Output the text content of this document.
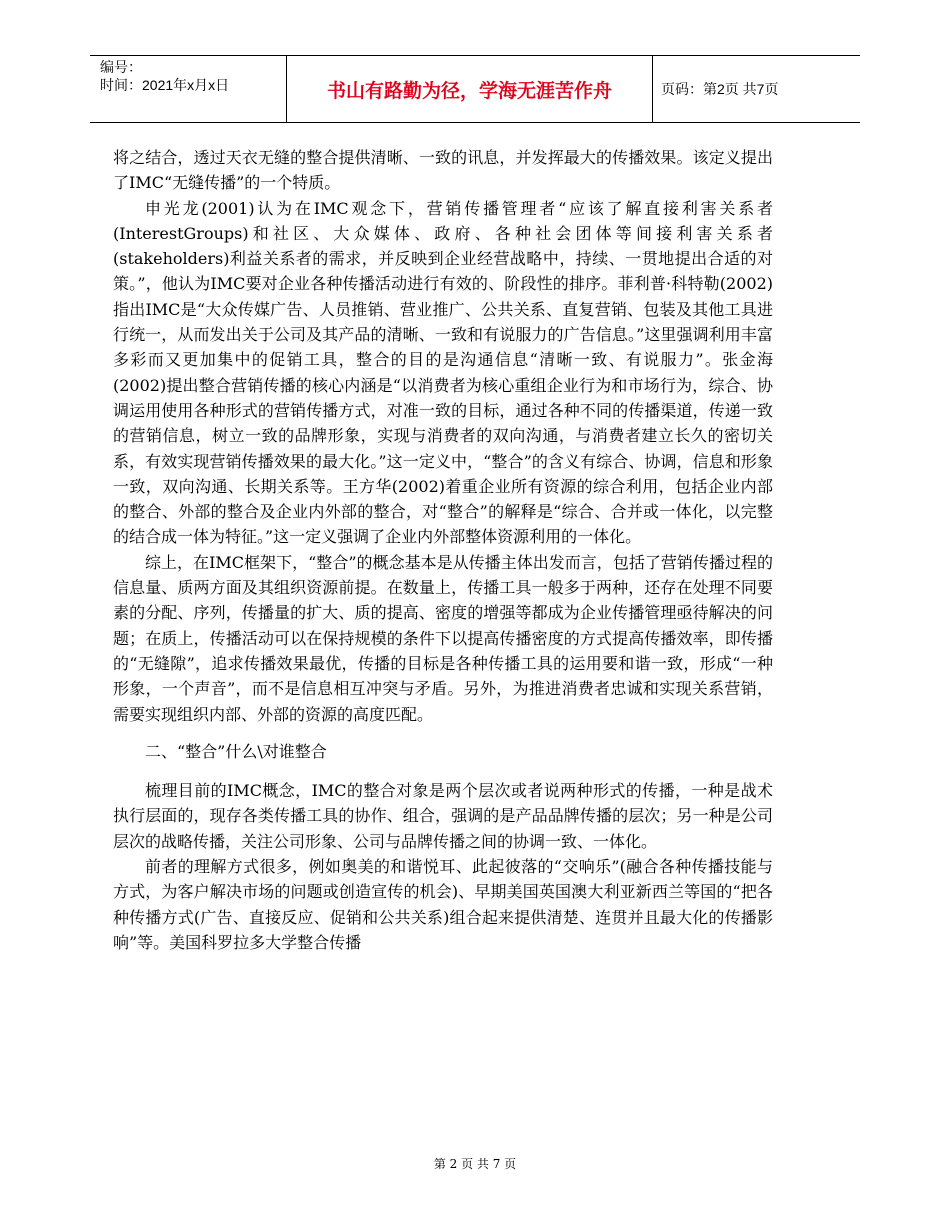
编号：
时间：2021年x月x日	书山有路勤为径，学海无涯苦作舟	页码：第2页 共7页

将之结合，透过天衣无缝的整合提供清晰、一致的讯息，并发挥最大的传播效果。该定义提出了IMC“无缝传播”的一个特质。

申光龙(2001)认为在IMC观念下，营销传播管理者“应该了解直接利害关系者(InterestGroups)和社区、大众媒体、政府、各种社会团体等间接利害关系者(stakeholders)利益关系者的需求，并反映到企业经营战略中，持续、一贯地提出合适的对策。”，他认为IMC要对企业各种传播活动进行有效的、阶段性的排序。菲利普·科特勒(2002)指出IMC是“大众传媒广告、人员推销、营业推广、公共关系、直复营销、包装及其他工具进行统一，从而发出关于公司及其产品的清晰、一致和有说服力的广告信息。”这里强调利用丰富多彩而又更加集中的促销工具，整合的目的是沟通信息“清晰一致、有说服力”。张金海(2002)提出整合营销传播的核心内涵是“以消费者为核心重组企业行为和市场行为，综合、协调运用使用各种形式的营销传播方式，对准一致的目标，通过各种不同的传播渠道，传递一致的营销信息，树立一致的品牌形象，实现与消费者的双向沟通，与消费者建立长久的密切关系，有效实现营销传播效果的最大化。”这一定义中，“整合”的含义有综合、协调，信息和形象一致，双向沟通、长期关系等。王方华(2002)着重企业所有资源的综合利用，包括企业内部的整合、外部的整合及企业内外部的整合，对“整合”的解释是“综合、合并或一体化，以完整的结合成一体为特征。”这一定义强调了企业内外部整体资源利用的一体化。

综上，在IMC框架下，“整合”的概念基本是从传播主体出发而言，包括了营销传播过程的信息量、质两方面及其组织资源前提。在数量上，传播工具一般多于两种，还存在处理不同要素的分配、序列，传播量的扩大、质的提高、密度的增强等都成为企业传播管理亟待解决的问题；在质上，传播活动可以在保持规模的条件下以提高传播密度的方式提高传播效率，即传播的“无缝隙”，追求传播效果最优，传播的目标是各种传播工具的运用要和谐一致，形成“一种形象，一个声音”，而不是信息相互冲突与矛盾。另外，为推进消费者忠诚和实现关系营销，需要实现组织内部、外部的资源的高度匹配。

二、“整合”什么\对谁整合

梳理目前的IMC概念，IMC的整合对象是两个层次或者说两种形式的传播，一种是战术执行层面的，现存各类传播工具的协作、组合，强调的是产品品牌传播的层次；另一种是公司层次的战略传播，关注公司形象、公司与品牌传播之间的协调一致、一体化。

前者的理解方式很多，例如奥美的和谐悦耳、此起彼落的“交响乐”(融合各种传播技能与方式，为客户解决市场的问题或创造宣传的机会)、早期美国英国澳大利亚新西兰等国的“把各种传播方式(广告、直接反应、促销和公共关系)组合起来提供清楚、连贯并且最大化的传播影响”等。美国科罗拉多大学整合传播

第 2 页 共 7 页
